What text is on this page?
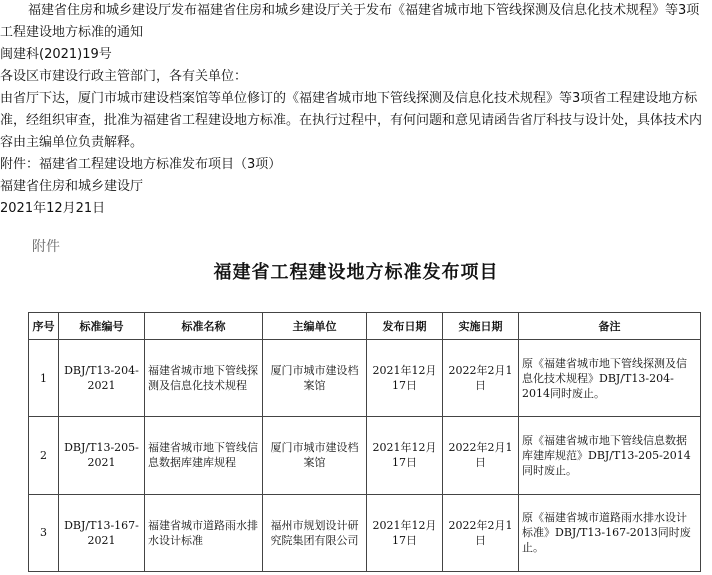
福建省住房和城乡建设厅发布福建省住房和城乡建设厅关于发布《福建省城市地下管线探测及信息化技术规程》等3项工程建设地方标准的通知

闽建科(2021)19号

各设区市建设行政主管部门，各有关单位：

由省厅下达，厦门市城市建设档案馆等单位修订的《福建省城市地下管线探测及信息化技术规程》等3项省工程建设地方标准，经组织审查，批准为福建省工程建设地方标准。在执行过程中，有何问题和意见请函告省厅科技与设计处，具体技术内容由主编单位负责解释。

附件：福建省工程建设地方标准发布项目（3项）

福建省住房和城乡建设厅

2021年12月21日

附件
福建省工程建设地方标准发布项目
序号	标准编号	标准名称	主编单位	发布日期	实施日期	备注
1	DBJ/T13-204-2021	福建省城市地下管线探测及信息化技术规程	厦门市城市建设档案馆	2021年12月17日	2022年2月1日	原《福建省城市地下管线探测及信息化技术规程》DBJ/T13-204-2014同时废止。
2	DBJ/T13-205-2021	福建省城市地下管线信息数据库建库规程	厦门市城市建设档案馆	2021年12月17日	2022年2月1日	原《福建省城市地下管线信息数据库建库规范》DBJ/T13-205-2014同时废止。
3	DBJ/T13-167-2021	福建省城市道路雨水排水设计标准	福州市规划设计研究院集团有限公司	2021年12月17日	2022年2月1日	原《福建省城市道路雨水排水设计标准》DBJ/T13-167-2013同时废止。
